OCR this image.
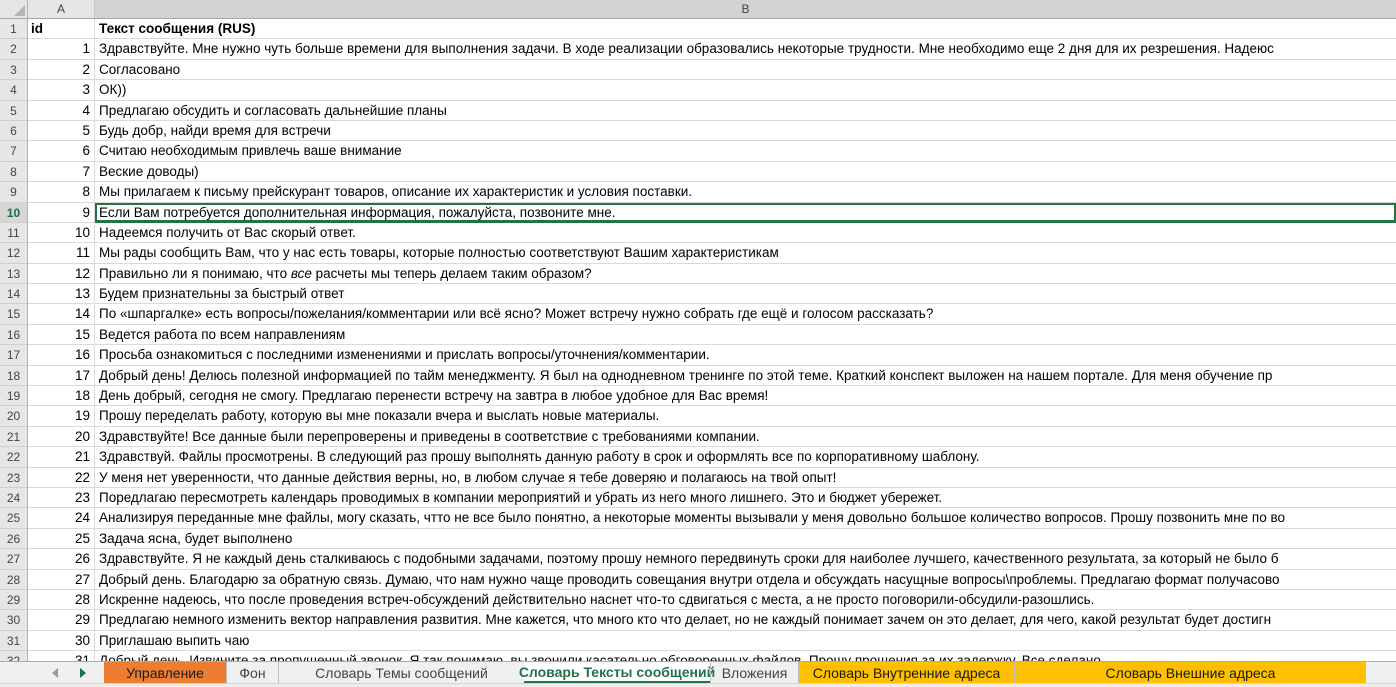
A	B
1	id	Текст сообщения (RUS)
2	1 Здравствуйте. Мне нужно чуть больше времени для выполнения задачи. В ходе реализации образовались некоторые трудности. Мне необходимо еще 2 дня для их резрешения. Надеюс
3	2 Согласовано
4	3 ОК))
5	4 Предлагаю обсудить и согласовать дальнейшие планы
6	5 Будь добр, найди время для встречи
7	6 Считаю необходимым привлечь ваше внимание
8	7 Веские доводы)
9	8 Мы прилагаем к письму прейскурант товаров, описание их характеристик и условия поставки.
10	9 Если Вам потребуется дополнительная информация, пожалуйста, позвоните мне.
11	10 Надеемся получить от Вас скорый ответ.
12	11 Мы рады сообщить Вам, что у нас есть товары, которые полностью соответствуют Вашим характеристикам
13	12 Правильно ли я понимаю, что все расчеты мы теперь делаем таким образом?
14	13 Будем признательны за быстрый ответ
15	14 По «шпаргалке» есть вопросы/пожелания/комментарии или всё ясно? Может встречу нужно собрать где ещё и голосом рассказать?
16	15 Ведется работа по всем направлениям
17	16 Просьба ознакомиться с последними изменениями и прислать вопросы/уточнения/комментарии.
18	17 Добрый день! Делюсь полезной информацией по тайм менеджменту. Я был на однодневном тренинге по этой теме. Краткий конспект выложен на нашем портале. Для меня обучение пр
19	18 День добрый, сегодня не смогу. Предлагаю перенести встречу на завтра в любое удобное для Вас время!
20	19 Прошу переделать работу, которую вы мне показали вчера и выслать новые материалы.
21	20 Здравствуйте! Все данные были перепроверены и приведены в соответствие с требованиями компании.
22	21 Здравствуй. Файлы просмотрены. В следующий раз прошу выполнять данную работу в срок и оформлять все по корпоративному шаблону.
23	22 У меня нет уверенности, что данные действия верны, но, в любом случае я тебе доверяю и полагаюсь на твой опыт!
24	23 Поредлагаю пересмотреть календарь проводимых в компании мероприятий и убрать из него много лишнего. Это и бюджет убережет.
25	24 Анализируя переданные мне файлы, могу сказать, чтто не все было понятно, а некоторые моменты вызывали у меня довольно большое количество вопросов. Прошу позвонить мне по во
26	25 Задача ясна, будет выполнено
27	26 Здравствуйте. Я не каждый день сталкиваюсь с подобными задачами, поэтому прошу немного передвинуть сроки для наиболее лучшего, качественного результата, за который не было б
28	27 Добрый день. Благодарю за обратную связь. Думаю, что нам нужно чаще проводить совещания внутри отдела и обсуждать насущные вопросы\проблемы. Предлагаю формат получасово
29	28 Искренне надеюсь, что после проведения встреч-обсуждений действительно наснет что-то сдвигаться с места, а не просто поговорили-обсудили-разошлись.
30	29 Предлагаю немного изменить вектор направления развития. Мне кажется, что много кто что делает, но не каждый понимает зачем он это делает, для чего, какой результат будет достигн
31	30 Приглашаю выпить чаю
Управление	Фон	Словарь Темы сообщений	Словарь Тексты сообщений Вложения	Словарь Внутренние адреса	Словарь Внешние адреса
